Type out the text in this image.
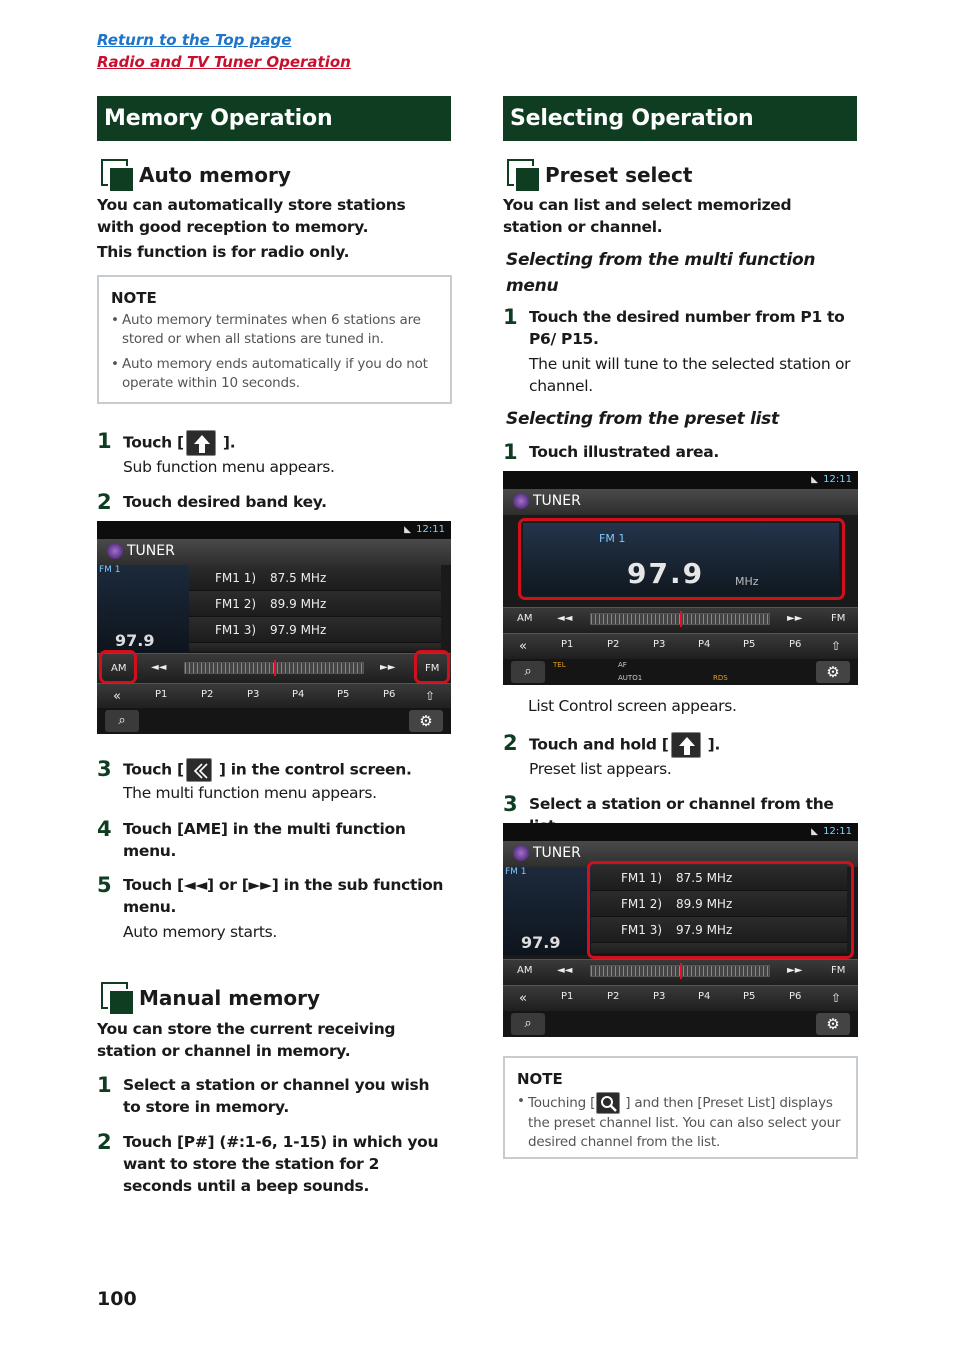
Return to the Top page
Radio and TV Tuner Operation
Memory Operation
Auto memory
You can automatically store stations with good reception to memory.
This function is for radio only.
NOTE
• Auto memory terminates when 6 stations are stored or when all stations are tuned in.
• Auto memory ends automatically if you do not operate within 10 seconds.
1 Touch [ ].
Sub function menu appears.
2 Touch desired band key.
◣ 12:11
TUNER
FM 1
97.9
FM1 1) 87.5 MHz
FM1 2) 89.9 MHz
FM1 3) 97.9 MHz
AM ◄◄	►►	FM
«	P1	P2	P3	P4	P5	P6 ⇧
⌕	⚙
3 Touch [ ] in the control screen.
The multi function menu appears.
4 Touch [AME] in the multi function menu.
5 Touch [◄◄] or [►►] in the sub function menu.

Auto memory starts.
Manual memory
You can store the current receiving station or channel in memory.
1 Select a station or channel you wish to store in memory.
2 Touch [P#] (#:1-6, 1-15) in which you want to store the station for 2 seconds until a beep sounds.
Selecting Operation
Preset select
You can list and select memorized station or channel.
Selecting from the multi function menu
1 Touch the desired number from P1 to P6/ P15.

The unit will tune to the selected station or channel.
Selecting from the preset list
1 Touch illustrated area.
◣ 12:11
TUNER
FM 1
97.9	MHz
AM ◄◄	►►	FM
«	P1	P2	P3	P4	P5	P6 ⇧
TEL	AF
AUTO1	RDS
⌕	⚙
List Control screen appears.
2 Touch and hold [ ].
Preset list appears.
3 Select a station or channel from the
◣ 12:11
TUNER
FM 1
97.9
FM1 1) 87.5 MHz
FM1 2) 89.9 MHz
FM1 3) 97.9 MHz
AM ◄◄	►►	FM
«	P1	P2	P3	P4	P5	P6 ⇧
⌕	⚙
NOTE
• Touching [ ] and then [Preset List] displays the preset channel list. You can also select your desired channel from the list.
100
